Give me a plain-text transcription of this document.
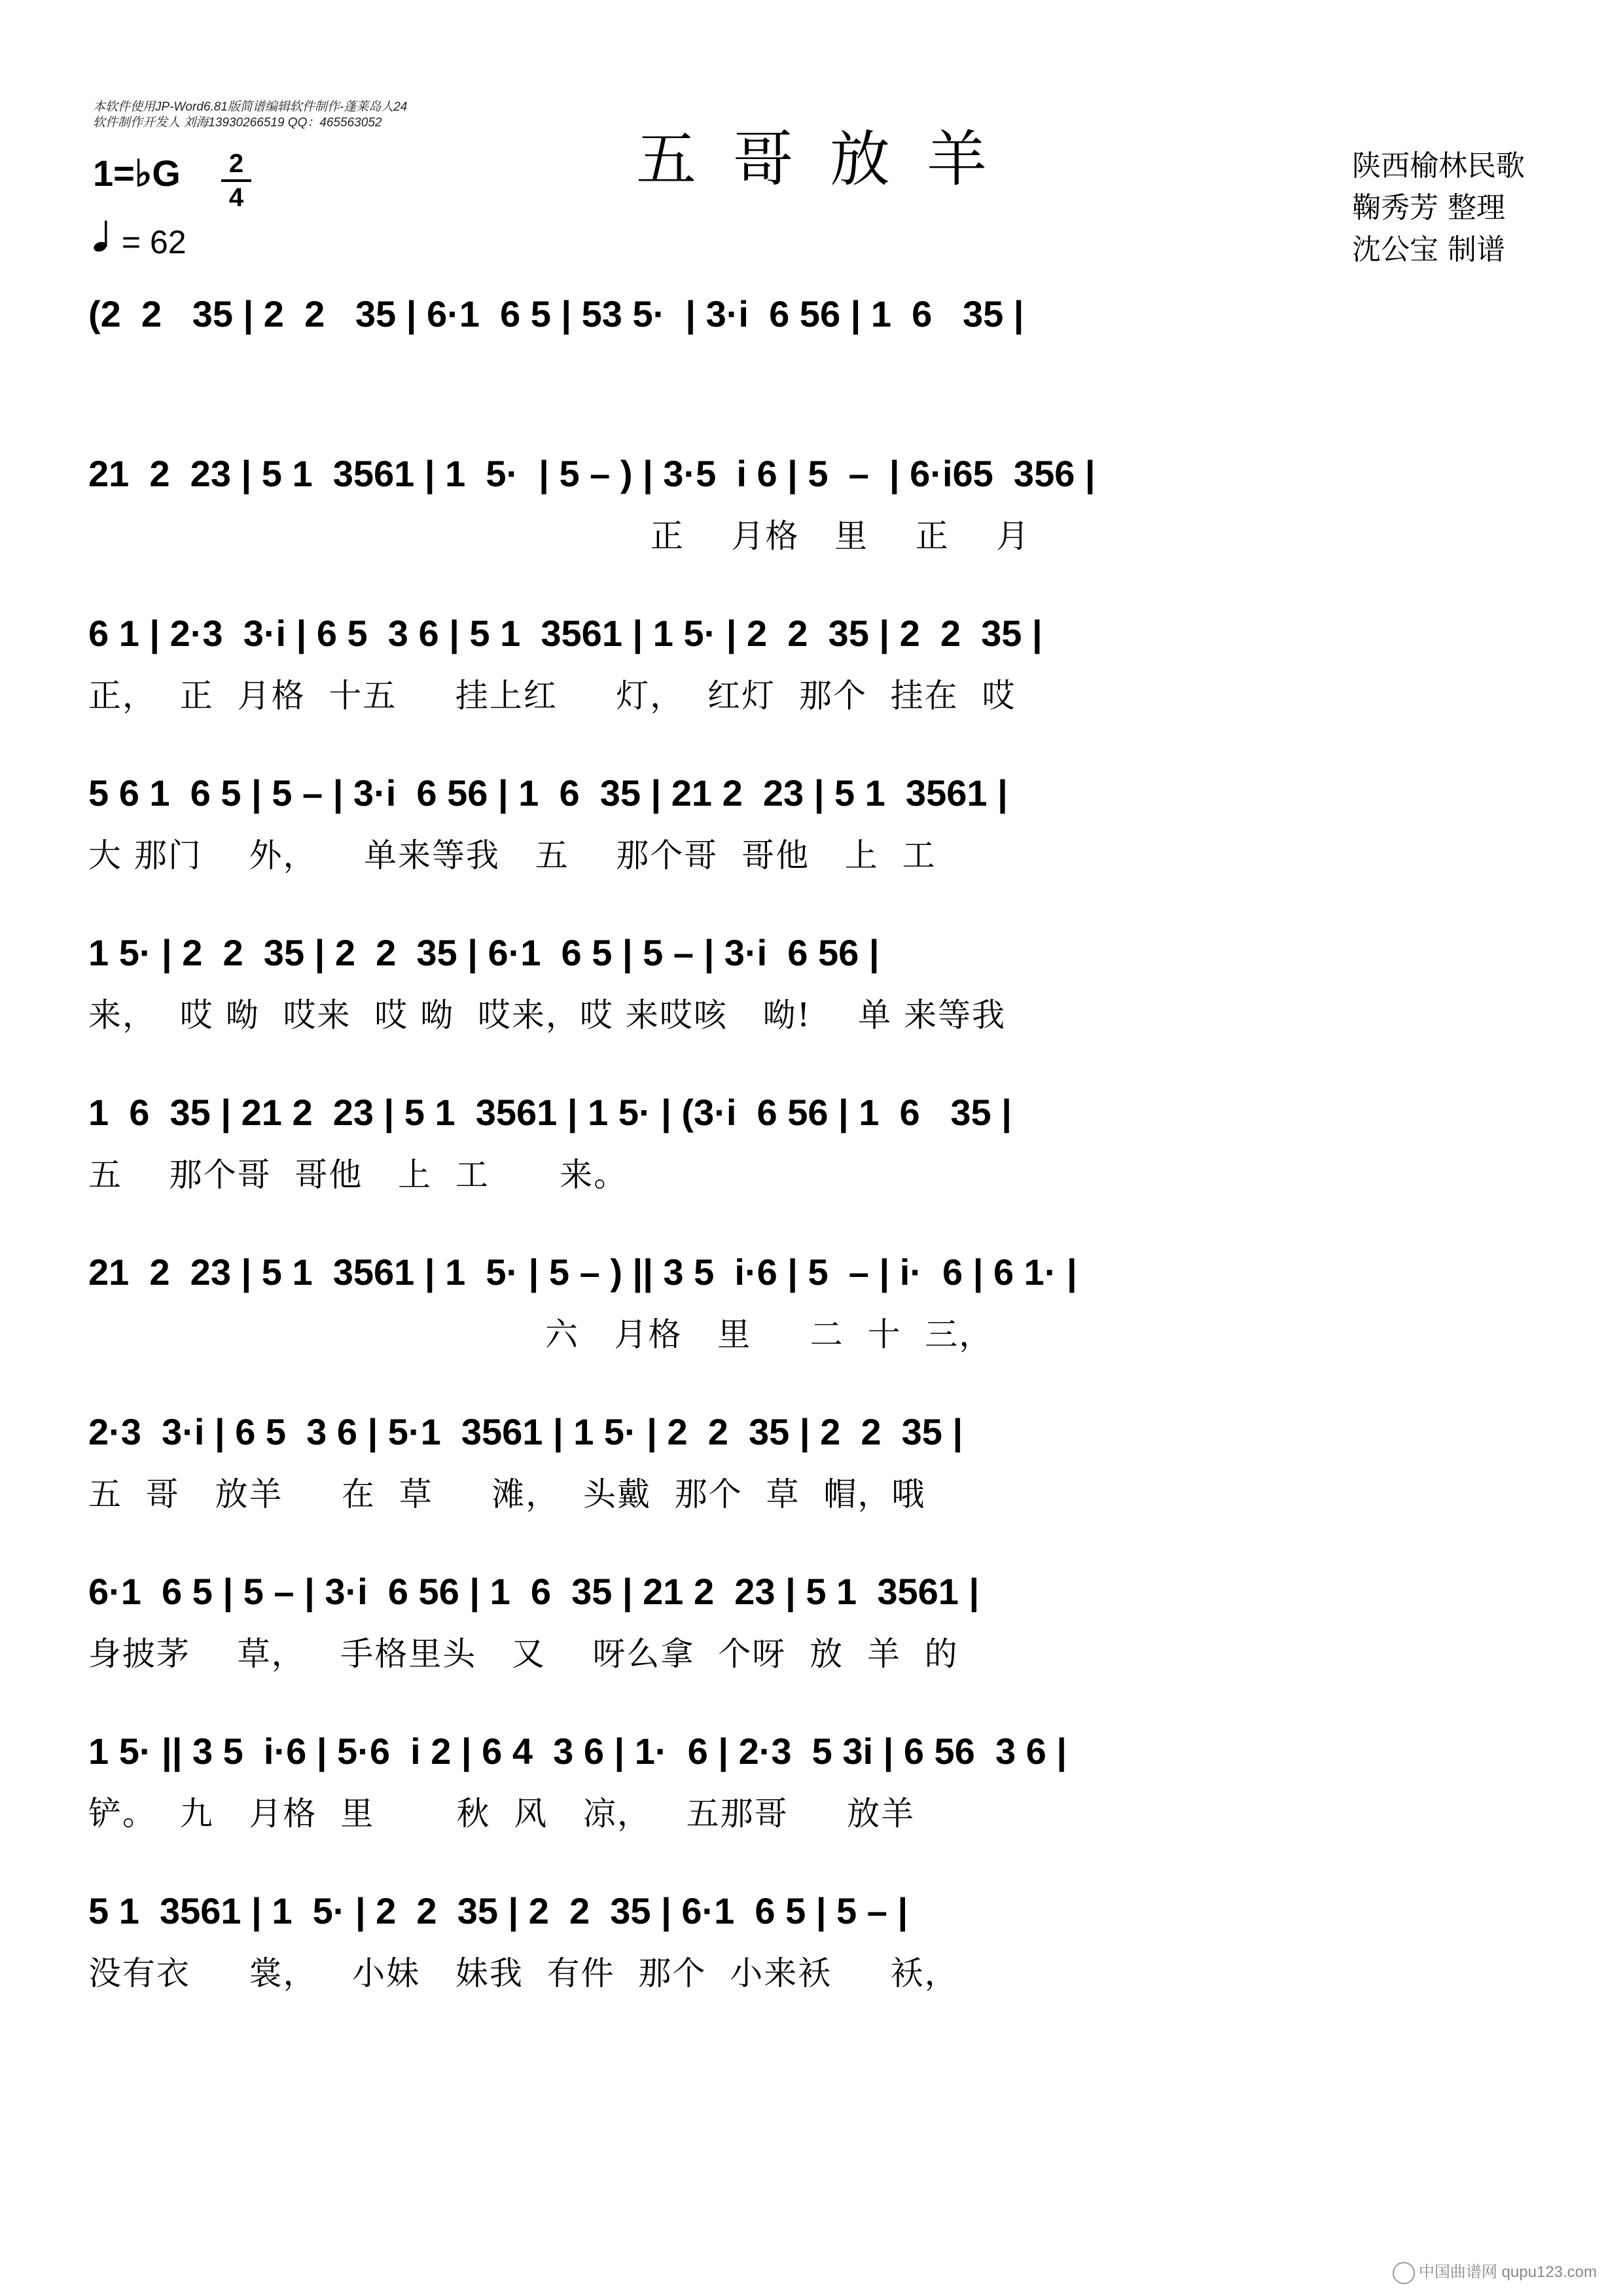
本软件使用JP-Word6.81版简谱编辑软件制作-蓬莱岛人24
软件制作开发人 刘海13930266519 QQ：465563052
五哥放羊
1=♭G 2
4
= 62
陕西榆林民歌
鞠秀芳 整理
沈公宝 制谱
(2  2   35 | 2  2   35 | 6·1  6 5 | 53 5·  | 3·i  6 56 | 1  6   35 |
21  2  23 | 5 1  3561 | 1  5·  | 5 – ) | 3·5  i 6 | 5  –  | 6·i65  356 |
正    月格   里    正    月
6 1 | 2·3  3·i | 6 5  3 6 | 5 1  3561 | 1 5· | 2  2  35 | 2  2  35 |
正，  正  月格  十五     挂上红     灯，  红灯  那个  挂在  哎
5 6 1  6 5 | 5 – | 3·i  6 56 | 1  6  35 | 21 2  23 | 5 1  3561 |
大 那门    外，    单来等我   五    那个哥  哥他   上  工
1 5· | 2  2  35 | 2  2  35 | 6·1  6 5 | 5 – | 3·i  6 56 |
来，  哎 呦  哎来  哎 呦  哎来，哎 来哎咳   呦!    单 来等我
1  6  35 | 21 2  23 | 5 1  3561 | 1 5· | (3·i  6 56 | 1  6   35 |
五    那个哥  哥他   上  工      来。
21  2  23 | 5 1  3561 | 1  5· | 5 – ) || 3 5  i·6 | 5  – | i·  6 | 6 1· |
六   月格   里     二  十  三，
2·3  3·i | 6 5  3 6 | 5·1  3561 | 1 5· | 2  2  35 | 2  2  35 |
五  哥   放羊     在  草     滩，  头戴  那个  草  帽，哦
6·1  6 5 | 5 – | 3·i  6 56 | 1  6  35 | 21 2  23 | 5 1  3561 |
身披茅    草，   手格里头   又    呀么拿  个呀  放  羊  的
1 5· || 3 5  i·6 | 5·6  i 2 | 6 4  3 6 | 1·  6 | 2·3  5 3i | 6 56  3 6 |
铲。  九   月格  里       秋  风   凉，   五那哥     放羊
5 1  3561 | 1  5· | 2  2  35 | 2  2  35 | 6·1  6 5 | 5 – |
没有衣     裳，   小妹   妹我  有件  那个  小来袄     袄，
中国曲谱网 qupu123.com
